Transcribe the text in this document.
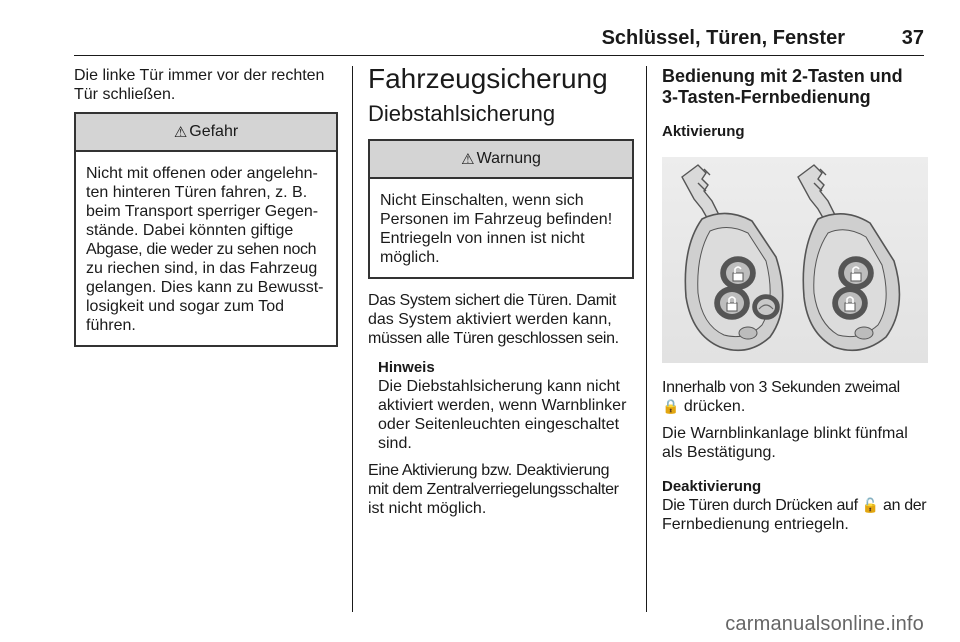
Schlüssel, Türen, Fenster	37

Die linke Tür immer vor der rechten Tür schließen.

⚠ Gefahr

Nicht mit offenen oder angelehn-

ten hinteren Türen fahren, z. B.

beim Transport sperriger Gegen-

stände. Dabei könnten giftige

Abgase, die weder zu sehen noch

zu riechen sind, in das Fahrzeug

gelangen. Dies kann zu Bewusst-

losigkeit und sogar zum Tod

führen.

Fahrzeugsicherung
Diebstahlsicherung
⚠ Warnung

Nicht Einschalten, wenn sich

Personen im Fahrzeug befinden!

Entriegeln von innen ist nicht

möglich.

Das System sichert die Türen. Damit

das System aktiviert werden kann,

müssen alle Türen geschlossen sein.

Hinweis

Die Diebstahlsicherung kann nicht

aktiviert werden, wenn Warnblinker

oder Seitenleuchten eingeschaltet

sind.

Eine Aktivierung bzw. Deaktivierung

mit dem Zentralverriegelungsschalter

ist nicht möglich.

Bedienung mit 2-Tasten und

3-Tasten-Fernbedienung

Aktivierung

Innerhalb von 3 Sekunden zweimal

🔒 drücken.

Die Warnblinkanlage blinkt fünfmal

als Bestätigung.

Deaktivierung

Die Türen durch Drücken auf 🔓 an der

Fernbedienung entriegeln.

carmanualsonline.info
